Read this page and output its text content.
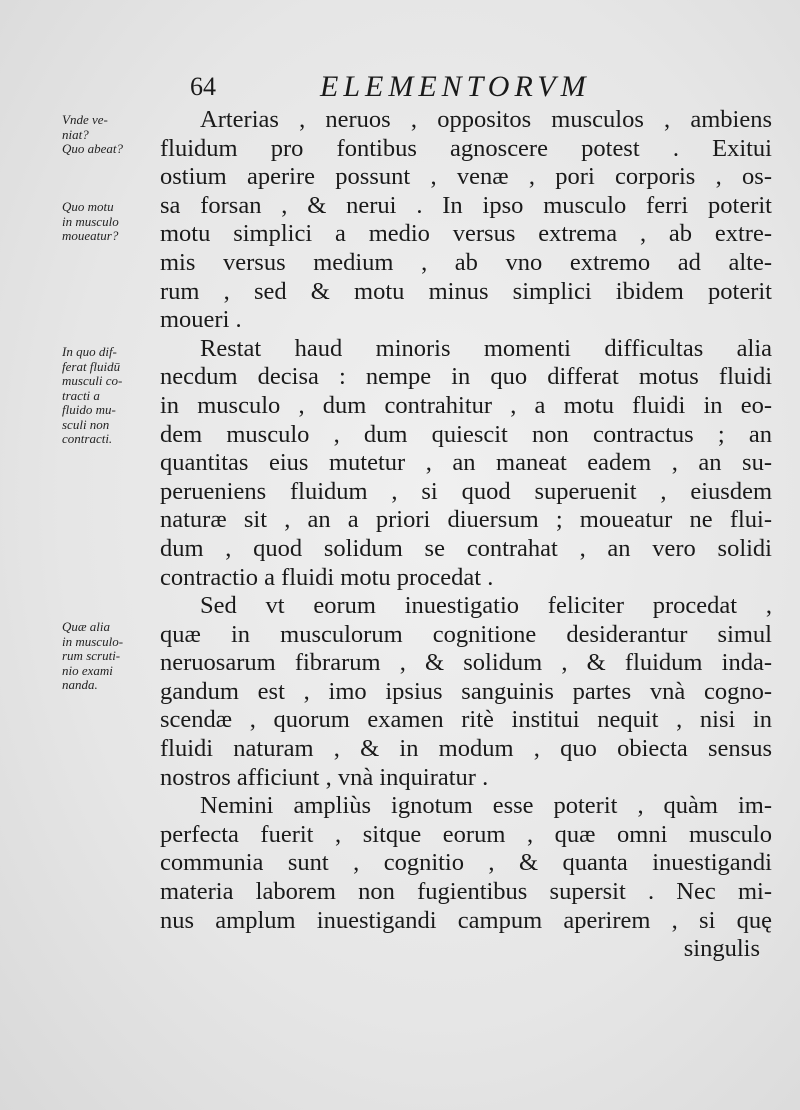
64	ELEMENTORVM
Vnde ve-
niat?
Quo abeat?
Quo motu
in musculo
moueatur?
In quo dif-
ferat fluidū
musculi co-
tracti a
fluido mu-
sculi non
contracti.
Quæ alia
in musculo-
rum scruti-
nio exami
nanda.
Arterias , neruos , oppositos musculos , ambiens
fluidum pro fontibus agnoscere potest . Exitui
ostium aperire possunt , venæ , pori corporis , os-
sa forsan , & nerui . In ipso musculo ferri poterit
motu simplici a medio versus extrema , ab extre-
mis versus medium , ab vno extremo ad alte-
rum , sed & motu minus simplici ibidem poterit
moueri .
Restat haud minoris momenti difficultas alia
necdum decisa : nempe in quo differat motus fluidi
in musculo , dum contrahitur , a motu fluidi in eo-
dem musculo , dum quiescit non contractus ; an
quantitas eius mutetur , an maneat eadem , an su-
perueniens fluidum , si quod superuenit , eiusdem
naturæ sit , an a priori diuersum ; moueatur ne flui-
dum , quod solidum se contrahat , an vero solidi
contractio a fluidi motu procedat .
Sed vt eorum inuestigatio feliciter procedat ,
quæ in musculorum cognitione desiderantur simul
neruosarum fibrarum , & solidum , & fluidum inda-
gandum est , imo ipsius sanguinis partes vnà cogno-
scendæ , quorum examen ritè institui nequit , nisi in
fluidi naturam , & in modum , quo obiecta sensus
nostros afficiunt , vnà inquiratur .
Nemini ampliùs ignotum esse poterit , quàm im-
perfecta fuerit , sitque eorum , quæ omni musculo
communia sunt , cognitio , & quanta inuestigandi
materia laborem non fugientibus supersit . Nec mi-
nus amplum inuestigandi campum aperirem , si quę
singulis
